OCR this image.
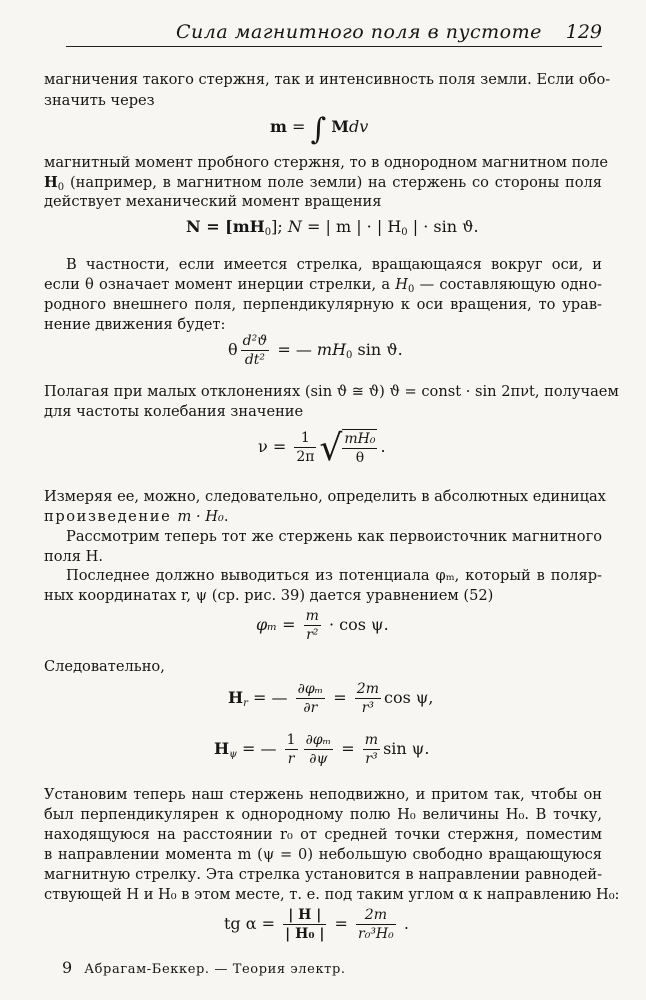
Сила магнитного поля в пустоте 129
магничения такого стержня, так и интенсивность поля земли. Если обо-
значить через
m = ∫ Mdv
магнитный момент пробного стержня, то в однородном магнитном поле
$H_0$ (например, в магнитном поле земли) на стержень со стороны поля
действует механический момент вращения
$N = [mH_0]$; N = | m | · | $H_0$ | · sin ϑ.
В частности, если имеется стрелка, вращающаяся вокруг оси, и
если θ означает момент инерции стрелки, а $H_0$ — составляющую одно-
родного внешнего поля, перпендикулярную к оси вращения, то урав-
нение движения будет:
θ $\frac{\text{d²ϑ}}{\text{dt²}}$ = — $mH_0$ sin ϑ.
Полагая при малых отклонениях (sin ϑ ≅ ϑ) ϑ = const · sin 2πνt, получаем
для частоты колебания значение
$\nu = \frac{1}{2\pi}$ √ $\frac{\text{mH₀}}{\theta}$ .
Измеряя ее, можно, следовательно, определить в абсолютных единицах
произведение m · H₀.
Рассмотрим теперь тот же стержень как первоисточник магнитного
поля H.
Последнее должно выводиться из потенциала φₘ, который в поляр-
ных координатах r, ψ (ср. рис. 39) дается уравнением (52)
$\varphi_m = \frac{m}{\text{r²}} \cdot \cos \psi$.
Следовательно,
$H_r$ = — $\frac{\text{∂φₘ}}{\partial r} = \frac{2m}{\text{r³}}$ cos ψ,
$H_\psi$ = — $\frac{1}{r} \frac{\text{∂φₘ}}{\partial\psi} = \frac{m}{\text{r³}}$ sin ψ.
Установим теперь наш стержень неподвижно, и притом так, чтобы он
был перпендикулярен к однородному полю H₀ величины H₀. В точку,
находящуюся на расстоянии r₀ от средней точки стержня, поместим
в направлении момента m (ψ = 0) небольшую свободно вращающуюся
магнитную стрелку. Эта стрелка установится в направлении равнодей-
ствующей H и H₀ в этом месте, т. е. под таким углом α к направлению H₀:
tg $\alpha = \frac{| H |}{\text{| H₀ |}} = \frac{2m}{\text{r₀³H₀}}$ .
9 Абрагам-Беккер. — Теория электр.
